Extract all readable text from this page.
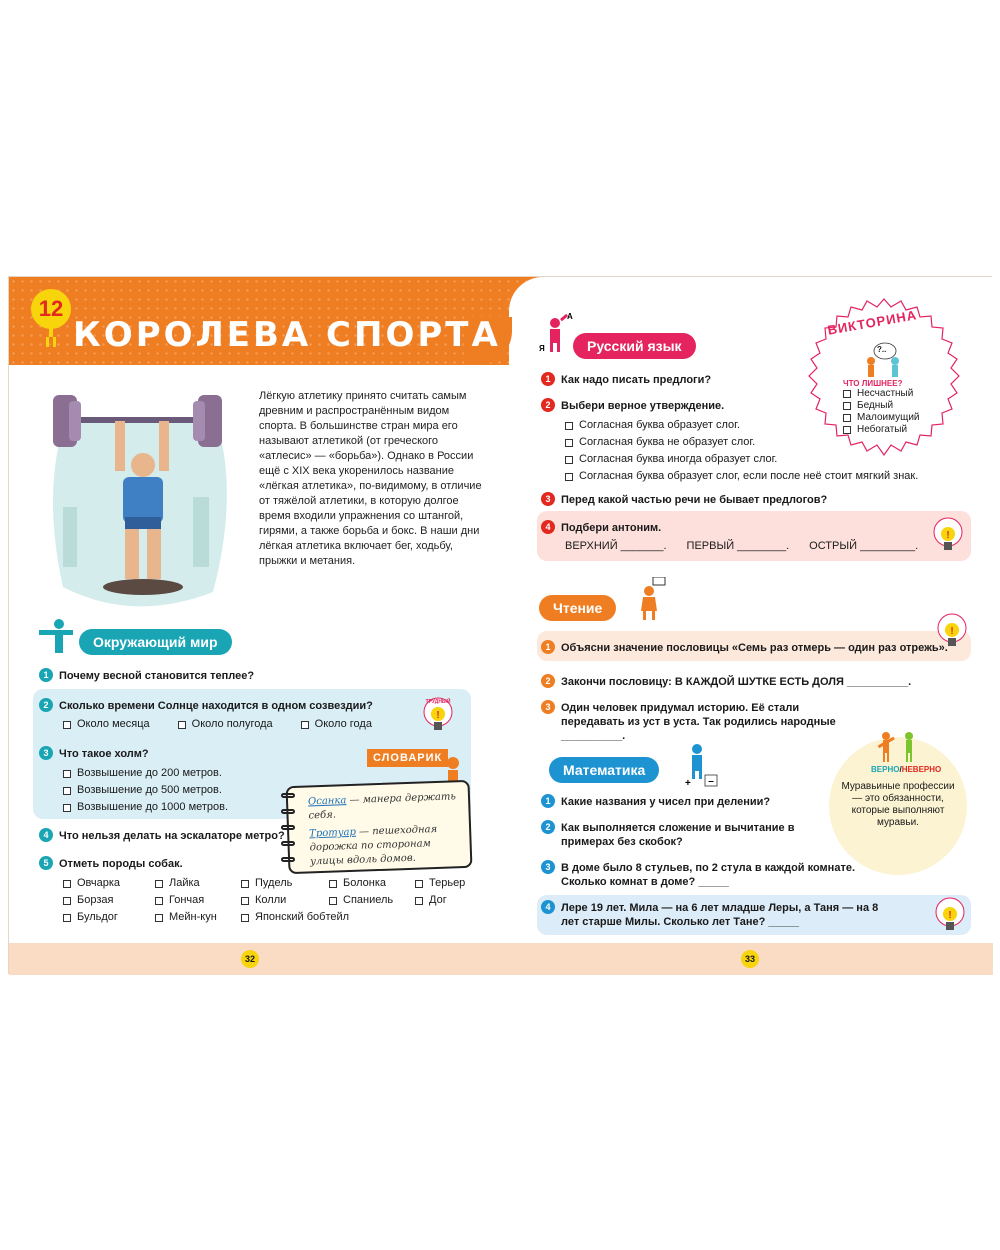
12
КОРОЛЕВА СПОРТА
Лёгкую атлетику принято считать самым древним и распространённым видом спорта. В большинстве стран мира его называют атлетикой (от греческого «атлесис» — «борьба»). Однако в России ещё с XIX века укоренилось название «лёгкая атлетика», по-видимому, в отличие от тяжёлой атлетики, в которую долгое время входили упражнения со штангой, гирями, а также борьба и бокс. В наши дни лёгкая атлетика включает бег, ходьбу, прыжки и метания.
Окружающий мир
1 Почему весной становится теплее?
2 Сколько времени Солнце находится в одном созвездии?
Около месяца	Около полугода	Около года
!
ТРУДНЫЙ
3 Что такое холм?
Возвышение до 200 метров.
Возвышение до 500 метров.
Возвышение до 1000 метров.
СЛОВАРИК
Осанка — манера держать себя.
Тротуар — пешеходная дорожка по сторонам улицы вдоль домов.
4 Что нельзя делать на эскалаторе метро?
5 Отметь породы собак.
Овчарка	Лайка	Пудель	Болонка	Терьер
Борзая	Гончая	Колли	Спаниель	Дог
Бульдог	Мейн-кун	Японский бобтейл
32
А
Я	Русский язык
1 Как надо писать предлоги?
2 Выбери верное утверждение.
Согласная буква образует слог.
Согласная буква не образует слог.
Согласная буква иногда образует слог.
Согласная буква образует слог, если после неё стоит мягкий знак.
3 Перед какой частью речи не бывает предлогов?
4 Подбери антоним.
ВЕРХНИЙ _______. ПЕРВЫЙ ________. ОСТРЫЙ _________.
!
ВИКТОРИНА
?..
ЧТО ЛИШНЕЕ?
Несчастный
Бедный
Малоимущий
Небогатый
Чтение
1 Объясни значение пословицы «Семь раз отмерь — один раз отрежь».
!
2 Закончи пословицу: В КАЖДОЙ ШУТКЕ ЕСТЬ ДОЛЯ __________.
3 Один человек придумал историю. Её стали передавать из уст в уста. Так родились народные __________.
ВЕРНО/НЕВЕРНО
Муравьиные профессии — это обязанности, которые выполняют муравьи.
Математика
+ –
1 Какие названия у чисел при делении?
2 Как выполняется сложение и вычитание в примерах без скобок?
3 В доме было 8 стульев, по 2 стула в каждой комнате. Сколько комнат в доме? _____
4 Лере 19 лет. Мила — на 6 лет младше Леры, а Таня — на 8 лет старше Милы. Сколько лет Тане? _____
!
33
